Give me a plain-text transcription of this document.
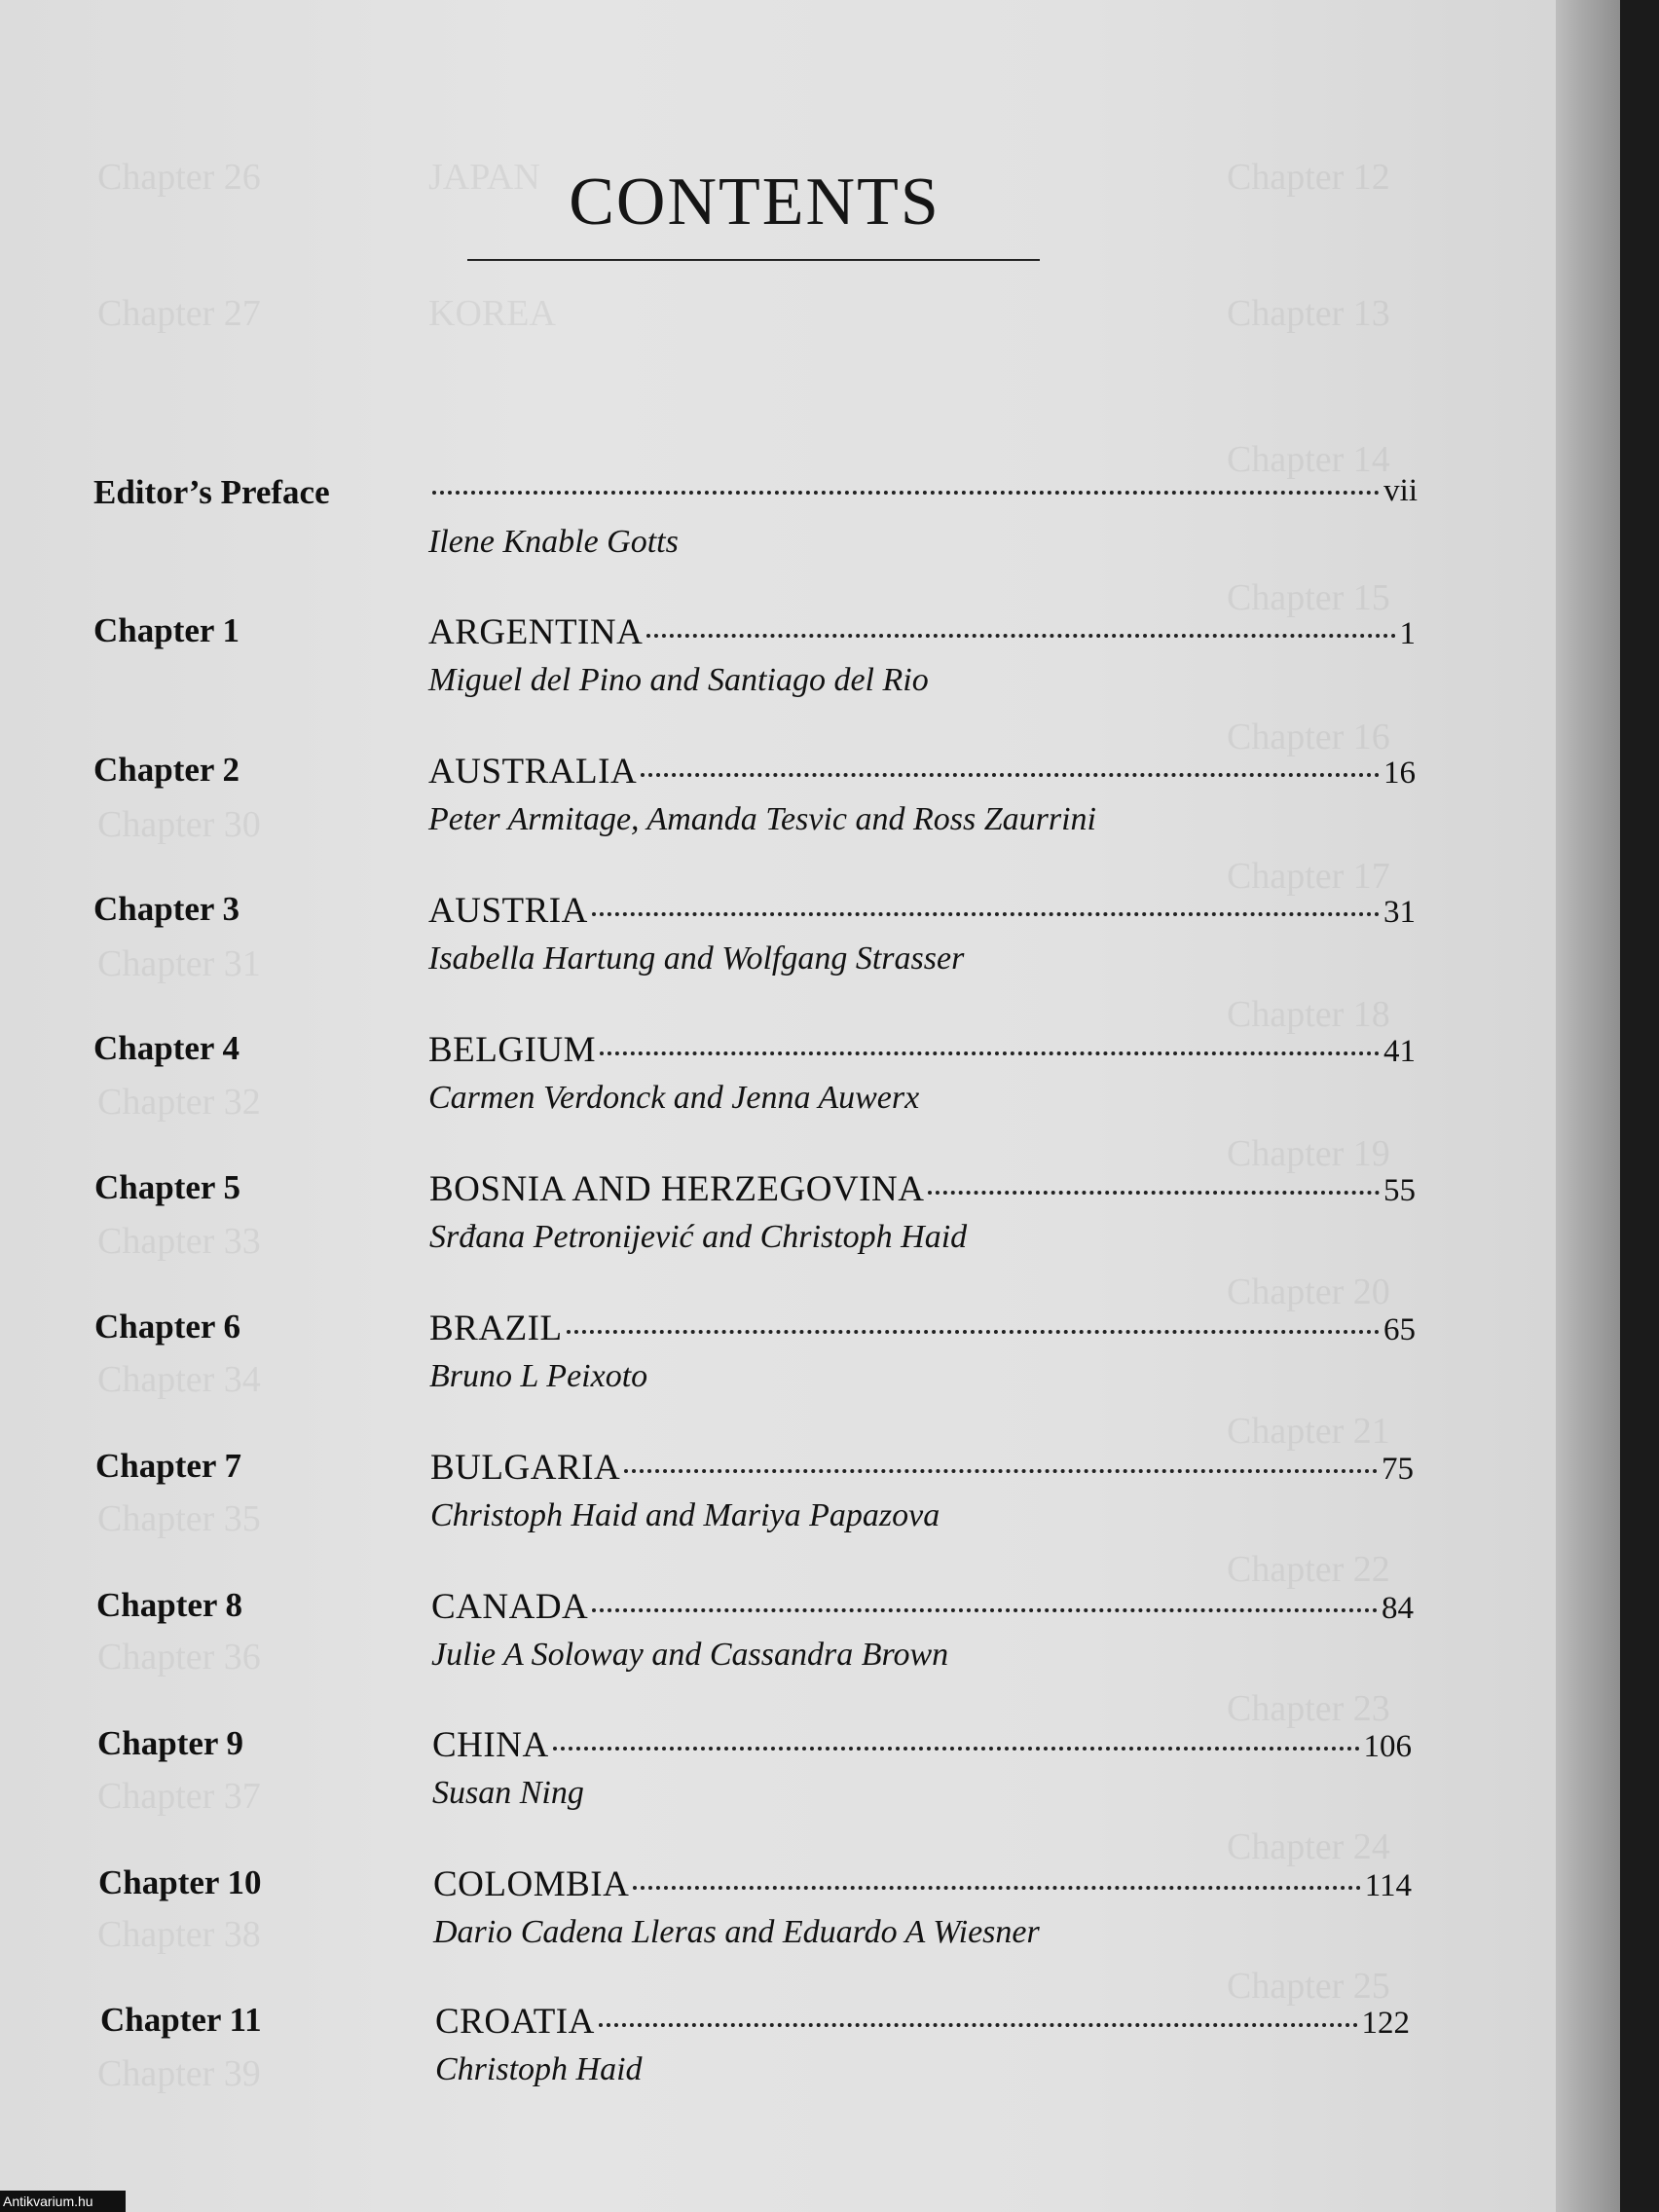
Chapter 26
Chapter 27
JAPAN
KOREA
Chapter 12
Chapter 13
Chapter 14
Chapter 15
Chapter 16
Chapter 30
Chapter 17
Chapter 31
Chapter 18
Chapter 32
Chapter 19
Chapter 33
Chapter 20
Chapter 34
Chapter 21
Chapter 35
Chapter 22
Chapter 36
Chapter 23
Chapter 37
Chapter 24
Chapter 38
Chapter 25
Chapter 39
CONTENTS
Editor’s Preface	vii
Ilene Knable Gotts
Chapter 1	ARGENTINA	1
Miguel del Pino and Santiago del Rio
Chapter 2	AUSTRALIA	16
Peter Armitage, Amanda Tesvic and Ross Zaurrini
Chapter 3	AUSTRIA	31
Isabella Hartung and Wolfgang Strasser
Chapter 4	BELGIUM	41
Carmen Verdonck and Jenna Auwerx
Chapter 5	BOSNIA AND HERZEGOVINA	55
Srđana Petronijević and Christoph Haid
Chapter 6	BRAZIL	65
Bruno L Peixoto
Chapter 7	BULGARIA	75
Christoph Haid and Mariya Papazova
Chapter 8	CANADA	84
Julie A Soloway and Cassandra Brown
Chapter 9	CHINA	106
Susan Ning
Chapter 10	COLOMBIA	114
Dario Cadena Lleras and Eduardo A Wiesner
Chapter 11	CROATIA	122
Christoph Haid
Antikvarium.hu
